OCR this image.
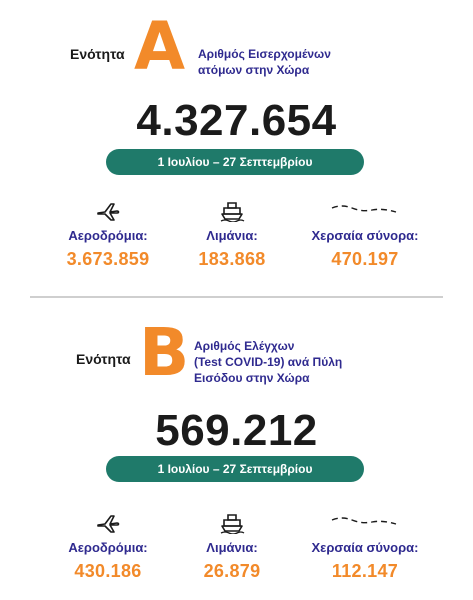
Ενότητα A Αριθμός Εισερχομένων
ατόμων στην Χώρα
4.327.654
1 Ιουλίου – 27 Σεπτεμβρίου
Αεροδρόμια:
3.673.859
Λιμάνια:
183.868
Χερσαία σύνορα:
470.197
Ενότητα B Αριθμός Ελέγχων
(Test COVID-19) ανά Πύλη
Εισόδου στην Χώρα
569.212
1 Ιουλίου – 27 Σεπτεμβρίου
Αεροδρόμια:
430.186
Λιμάνια:
26.879
Χερσαία σύνορα:
112.147
